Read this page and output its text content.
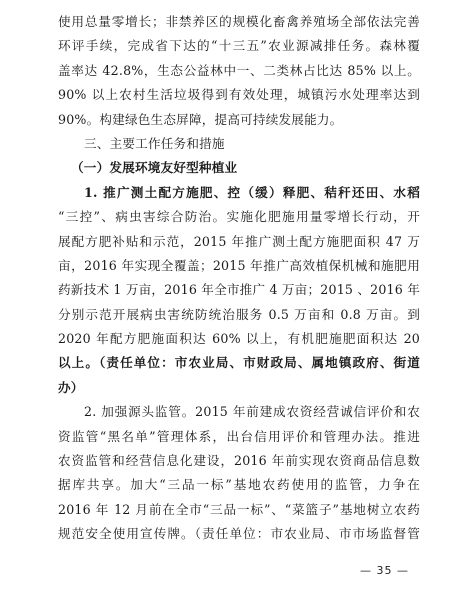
使用总量零增长；非禁养区的规模化畜禽养殖场全部依法完善
环评手续，完成省下达的“十三五”农业源减排任务。森林覆
盖率达 42.8%，生态公益林中一、二类林占比达 85% 以上。
90% 以上农村生活垃圾得到有效处理，城镇污水处理率达到
90%。构建绿色生态屏障，提高可持续发展能力。
三、主要工作任务和措施
（一）发展环境友好型种植业
1. 推广测土配方施肥、控（缓）释肥、秸秆还田、水稻
“三控”、病虫害综合防治。实施化肥施用量零增长行动，开
展配方肥补贴和示范，2015 年推广测土配方施肥面积 47 万
亩，2016 年实现全覆盖；2015 年推广高效植保机械和施肥用
药新技术 1 万亩，2016 年全市推广 4 万亩；2015 、2016 年
分别示范开展病虫害统防统治服务 0.5 万亩和 0.8 万亩。到
2020 年配方肥施面积达 60% 以上，有机肥施肥面积达 20
以上。（责任单位：市农业局、市财政局、属地镇政府、街道
办）
2. 加强源头监管。2015 年前建成农资经营诚信评价和农
资监管“黑名单”管理体系，出台信用评价和管理办法。推进
农资监管和经营信息化建设，2016 年前实现农资商品信息数
据库共享。加大“三品一标”基地农药使用的监管，力争在
2016 年 12 月前在全市“三品一标”、“菜篮子”基地树立农药
规范安全使用宣传牌。（责任单位：市农业局、市市场监督管
— 35 —
